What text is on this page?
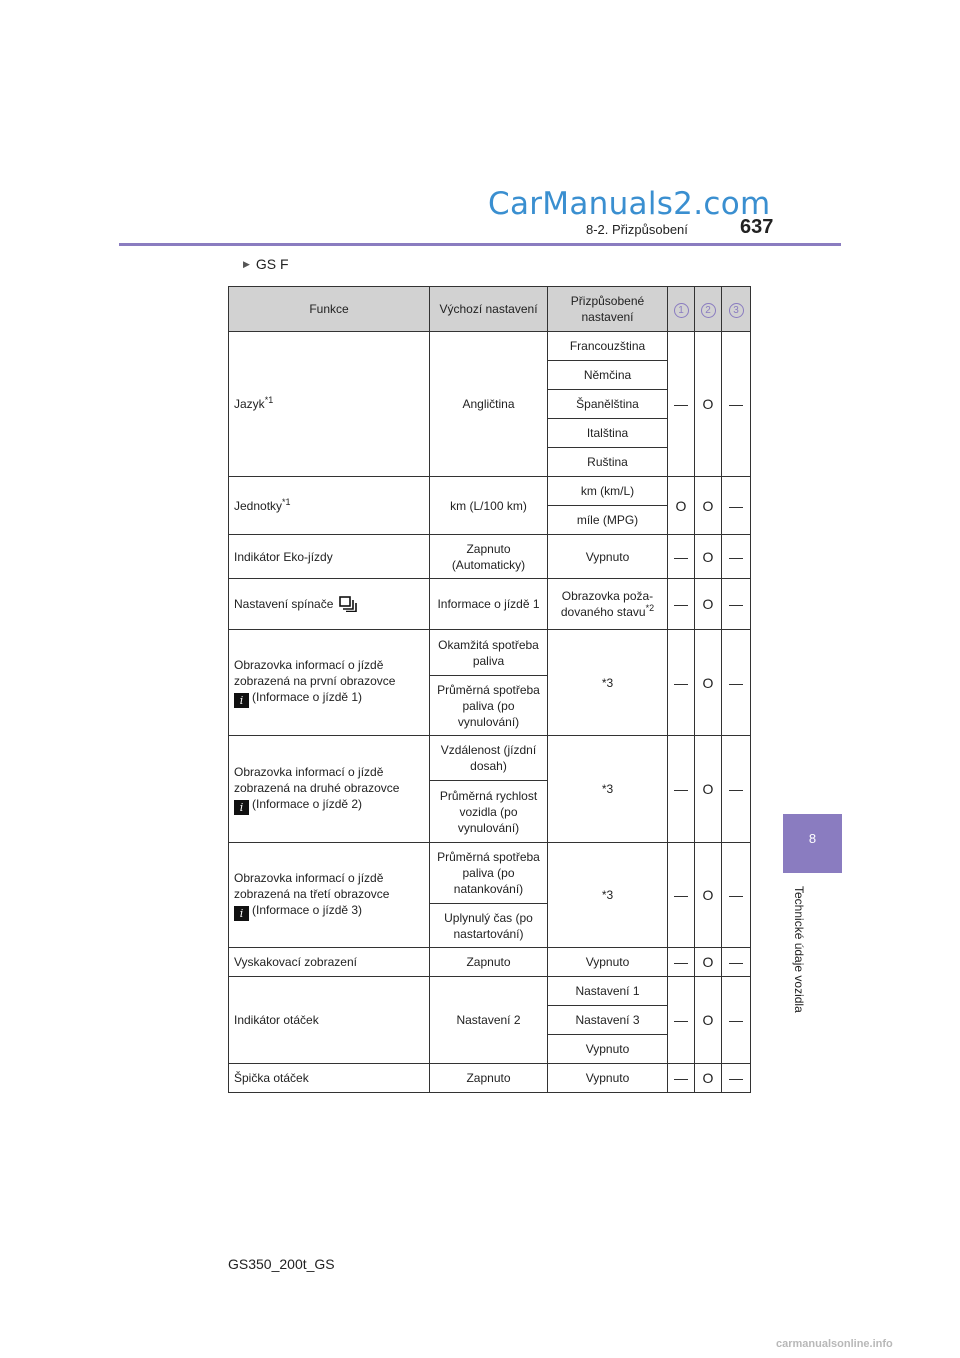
CarManuals2.com
8-2. Přizpůsobení	637
▶ GS F
Funkce	Výchozí nastavení	Přizpůsobené nastavení	1	2	3
Jazyk$^{*1}$	Angličtina	Francouzština	—	O	—
		Němčina			
		Španělština			
		Italština			
		Ruština			
Jednotky$^{*1}$	km (L/100 km)	km (km/L)	O	O	—
		míle (MPG)			
Indikátor Eko-jízdy	Zapnuto (Automaticky)	Vypnuto	—	O	—
Nastavení spínače	Informace o jízdě 1	Obrazovka poža-dovaného stavu$^{*2}$	—	O	—
Obrazovka informací o jízdě zobrazená na první obrazovce
i (Informace o jízdě 1)	Okamžitá spotřeba paliva	*3	—	O	—
	Průměrná spotřeba paliva (po vynulování)				
Obrazovka informací o jízdě zobrazená na druhé obrazovce
i (Informace o jízdě 2)	Vzdálenost (jízdní dosah)	*3	—	O	—
	Průměrná rychlost vozidla (po vynulování)				
Obrazovka informací o jízdě zobrazená na třetí obrazovce
i (Informace o jízdě 3)	Průměrná spotřeba paliva (po natankování)	*3	—	O	—
	Uplynulý čas (po nastartování)				
Vyskakovací zobrazení	Zapnuto	Vypnuto	—	O	—
Indikátor otáček	Nastavení 2	Nastavení 1	—	O	—
		Nastavení 3			
		Vypnuto			
Špička otáček	Zapnuto	Vypnuto	—	O	—
8
Technické údaje vozidla
GS350_200t_GS
carmanualsonline.info
